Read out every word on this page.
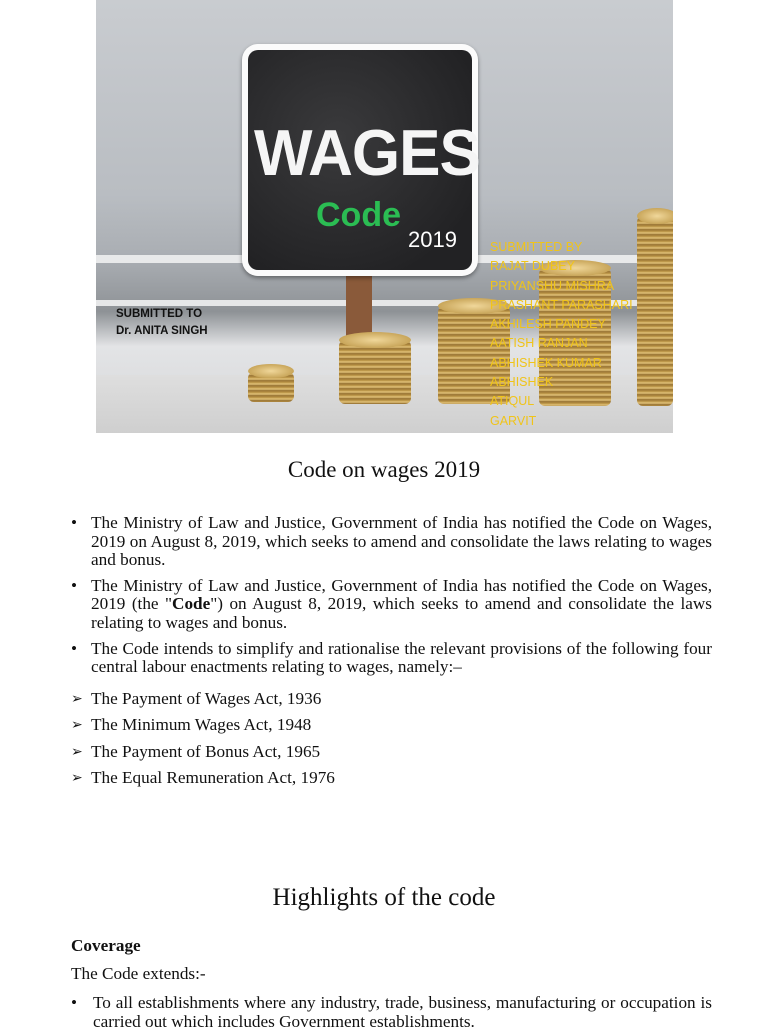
WAGES
Code
2019
SUBMITTED TO
Dr. ANITA SINGH
SUBMITTED BY
RAJAT DUBEY
PRIYANSHU MISHRA
PRASHANT PARASHARI
AKHILESH PANDEY
AATISH RANJAN
ABHISHEK KUMAR
ABHISHEK
ATIQUL
GARVIT
Code on wages 2019
• The Ministry of Law and Justice, Government of India has notified the Code on Wages, 2019 on August 8, 2019, which seeks to amend and consolidate the laws relating to wages and bonus.
• The Ministry of Law and Justice, Government of India has notified the Code on Wages, 2019 (the "Code") on August 8, 2019, which seeks to amend and consolidate the laws relating to wages and bonus.
• The Code intends to simplify and rationalise the relevant provisions of the following four central labour enactments relating to wages, namely:–
➢ The Payment of Wages Act, 1936
➢ The Minimum Wages Act, 1948
➢ The Payment of Bonus Act, 1965
➢ The Equal Remuneration Act, 1976
Highlights of the code
Coverage
The Code extends:-
• To all establishments where any industry, trade, business, manufacturing or occupation is carried out which includes Government establishments.
